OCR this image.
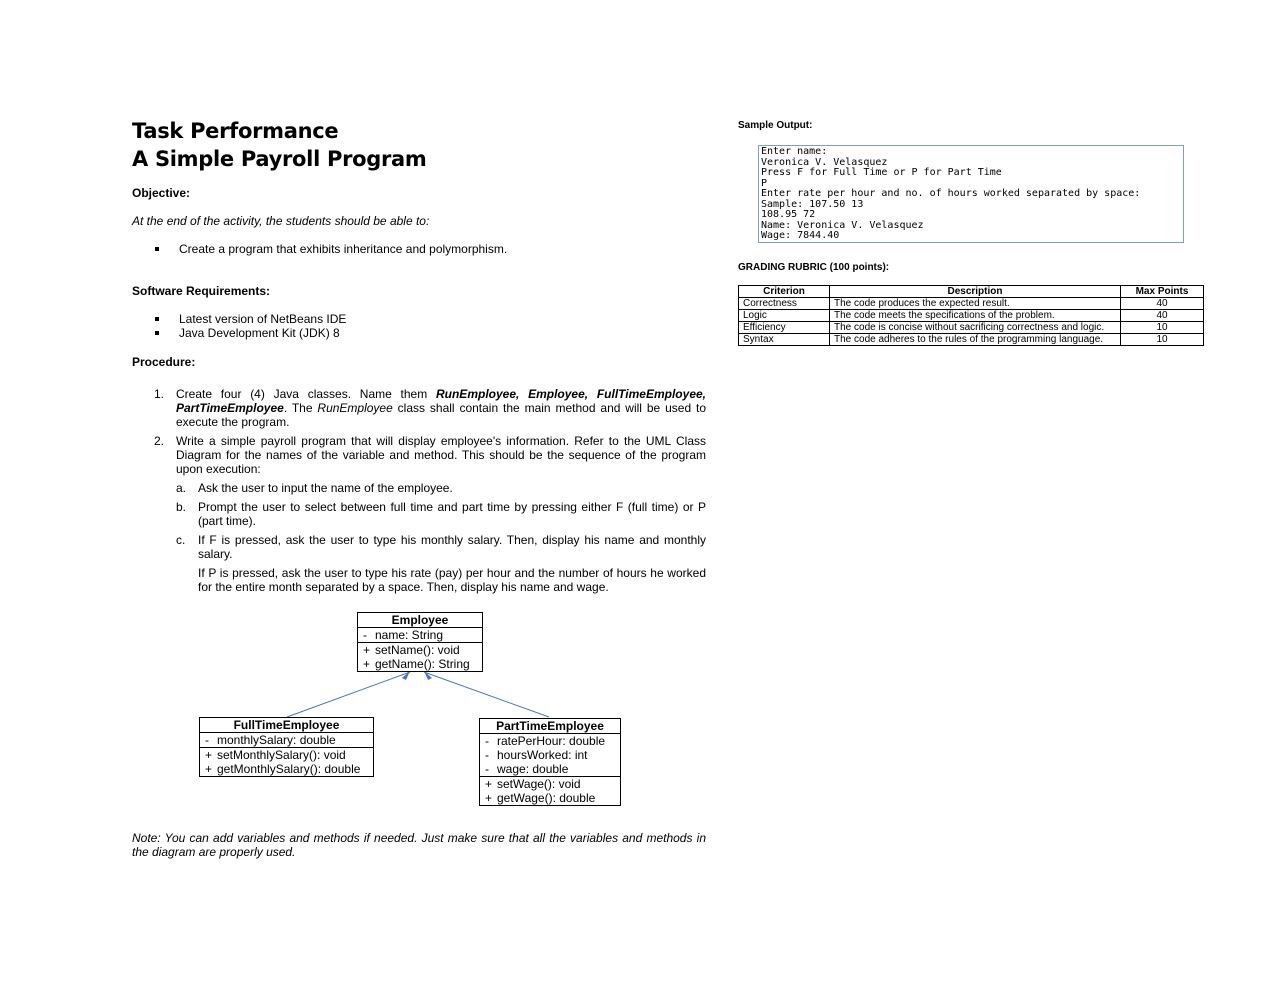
Task Performance
A Simple Payroll Program
Objective:
At the end of the activity, the students should be able to:
Create a program that exhibits inheritance and polymorphism.
Software Requirements:
Latest version of NetBeans IDE
Java Development Kit (JDK) 8
Procedure:
1. Create four (4) Java classes. Name them RunEmployee, Employee, FullTimeEmployee, PartTimeEmployee. The RunEmployee class shall contain the main method and will be used to execute the program.
2. Write a simple payroll program that will display employee's information. Refer to the UML Class Diagram for the names of the variable and method. This should be the sequence of the program upon execution:
a. Ask the user to input the name of the employee.
b. Prompt the user to select between full time and part time by pressing either F (full time) or P (part time).
c. If F is pressed, ask the user to type his monthly salary. Then, display his name and monthly salary.
If P is pressed, ask the user to type his rate (pay) per hour and the number of hours he worked for the entire month separated by a space. Then, display his name and wage.
Employee
- name: String
+ setName(): void
+ getName(): String
FullTimeEmployee
- monthlySalary: double
+ setMonthlySalary(): void
+ getMonthlySalary(): double
PartTimeEmployee
- ratePerHour: double
- hoursWorked: int
- wage: double
+ setWage(): void
+ getWage(): double
Note: You can add variables and methods if needed. Just make sure that all the variables and methods in the diagram are properly used.
Sample Output:
Enter name:
Veronica V. Velasquez
Press F for Full Time or P for Part Time
P
Enter rate per hour and no. of hours worked separated by space:
Sample: 107.50 13
108.95 72
Name: Veronica V. Velasquez
Wage: 7844.40
GRADING RUBRIC (100 points):
Criterion	Description	Max Points
Correctness	The code produces the expected result.	40
Logic	The code meets the specifications of the problem.	40
Efficiency	The code is concise without sacrificing correctness and logic.	10
Syntax	The code adheres to the rules of the programming language.	10
